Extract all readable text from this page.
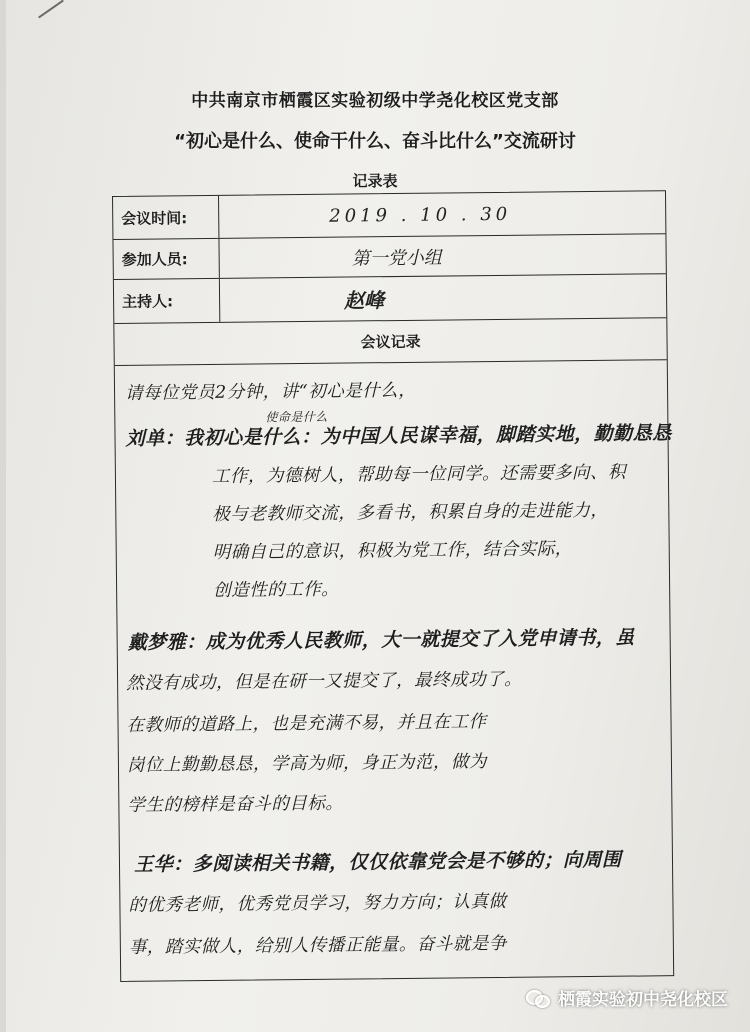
中共南京市栖霞区实验初级中学尧化校区党支部
“初心是什么、使命干什么、奋斗比什么”交流研讨
记录表
会议时间:	2019 . 10 . 30
参加人员:	第一党小组
主持人:	赵峰
会议记录
请每位党员2分钟，讲“初心是什么，
使命是什么
刘单：我初心是什么：为中国人民谋幸福，脚踏实地，勤勤恳恳
工作，为德树人，帮助每一位同学。还需要多向、积
极与老教师交流，多看书，积累自身的走进能力，
明确自己的意识，积极为党工作，结合实际，
创造性的工作。
戴梦雅：成为优秀人民教师，大一就提交了入党申请书，虽
然没有成功，但是在研一又提交了，最终成功了。
在教师的道路上，也是充满不易，并且在工作
岗位上勤勤恳恳，学高为师，身正为范，做为
学生的榜样是奋斗的目标。
王华：多阅读相关书籍，仅仅依靠党会是不够的；向周围
的优秀老师，优秀党员学习，努力方向；认真做
事，踏实做人，给别人传播正能量。奋斗就是争
栖霞实验初中尧化校区
